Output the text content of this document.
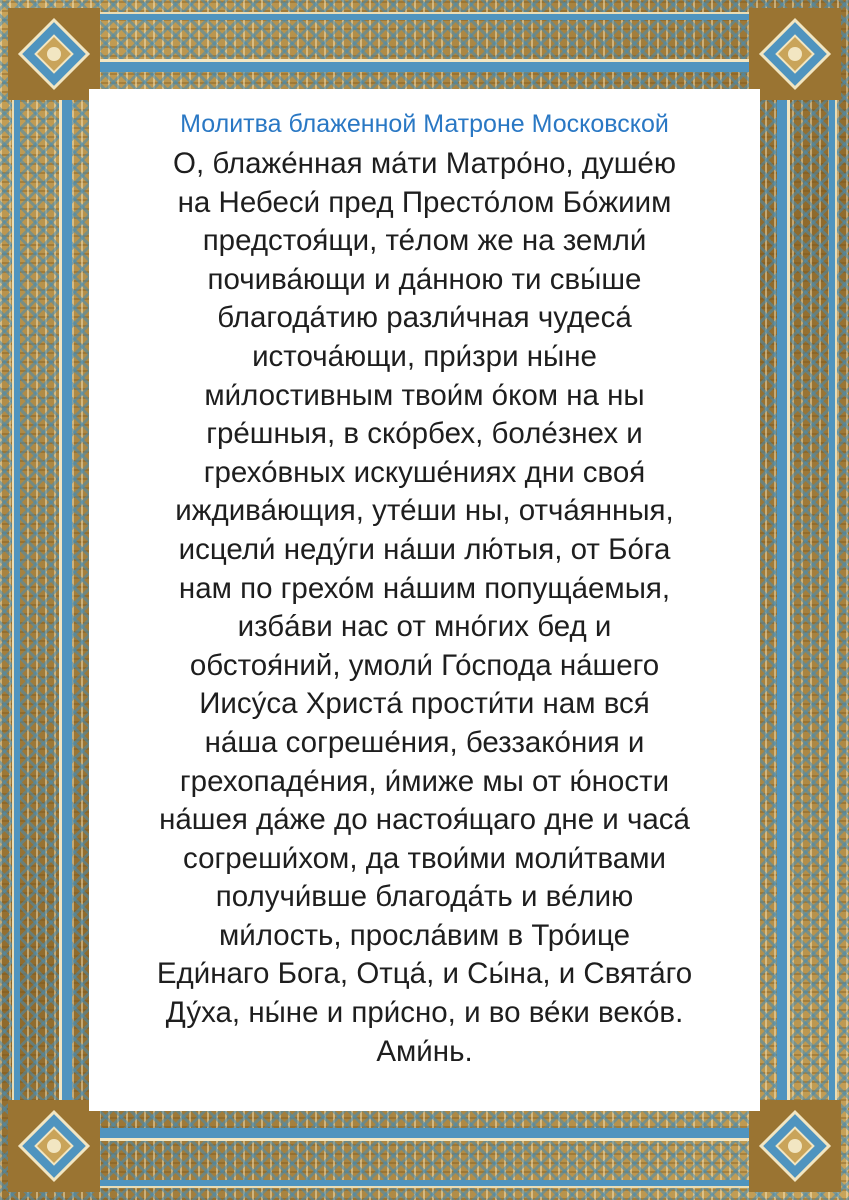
Молитва блаженной Матроне Московской

О, блаже́нная ма́ти Матро́но, душе́ю
на Небеси́ пред Престо́лом Бо́жиим
предстоя́щи, те́лом же на земли́
почива́ющи и да́нною ти свы́ше
благода́тию разли́чная чудеса́
источа́ющи, при́зри ны́не
ми́лостивным твои́м о́ком на ны
гре́шныя, в ско́рбех, боле́знех и
грехо́вных искуше́ниях дни своя́
иждива́ющия, уте́ши ны, отча́янныя,
исцели́ неду́ги на́ши лю́тыя, от Бо́га
нам по грехо́м на́шим попуща́емыя,
избáви нас от мно́гих бед и
обстоя́ний, умоли́ Го́спода на́шего
Иису́са Христа́ прости́ти нам вся́
на́ша согреше́ния, беззако́ния и
грехопаде́ния, и́миже мы от ю́ности
на́шея да́же до настоя́щаго дне и часа́
согреши́хом, да твои́ми моли́твами
получи́вше благода́ть и ве́лию
ми́лость, просла́вим в Тро́ице
Еди́наго Бога, Отца́, и Сы́на, и Свята́го
Ду́ха, ны́не и при́сно, и во ве́ки веко́в.
Ами́нь.
